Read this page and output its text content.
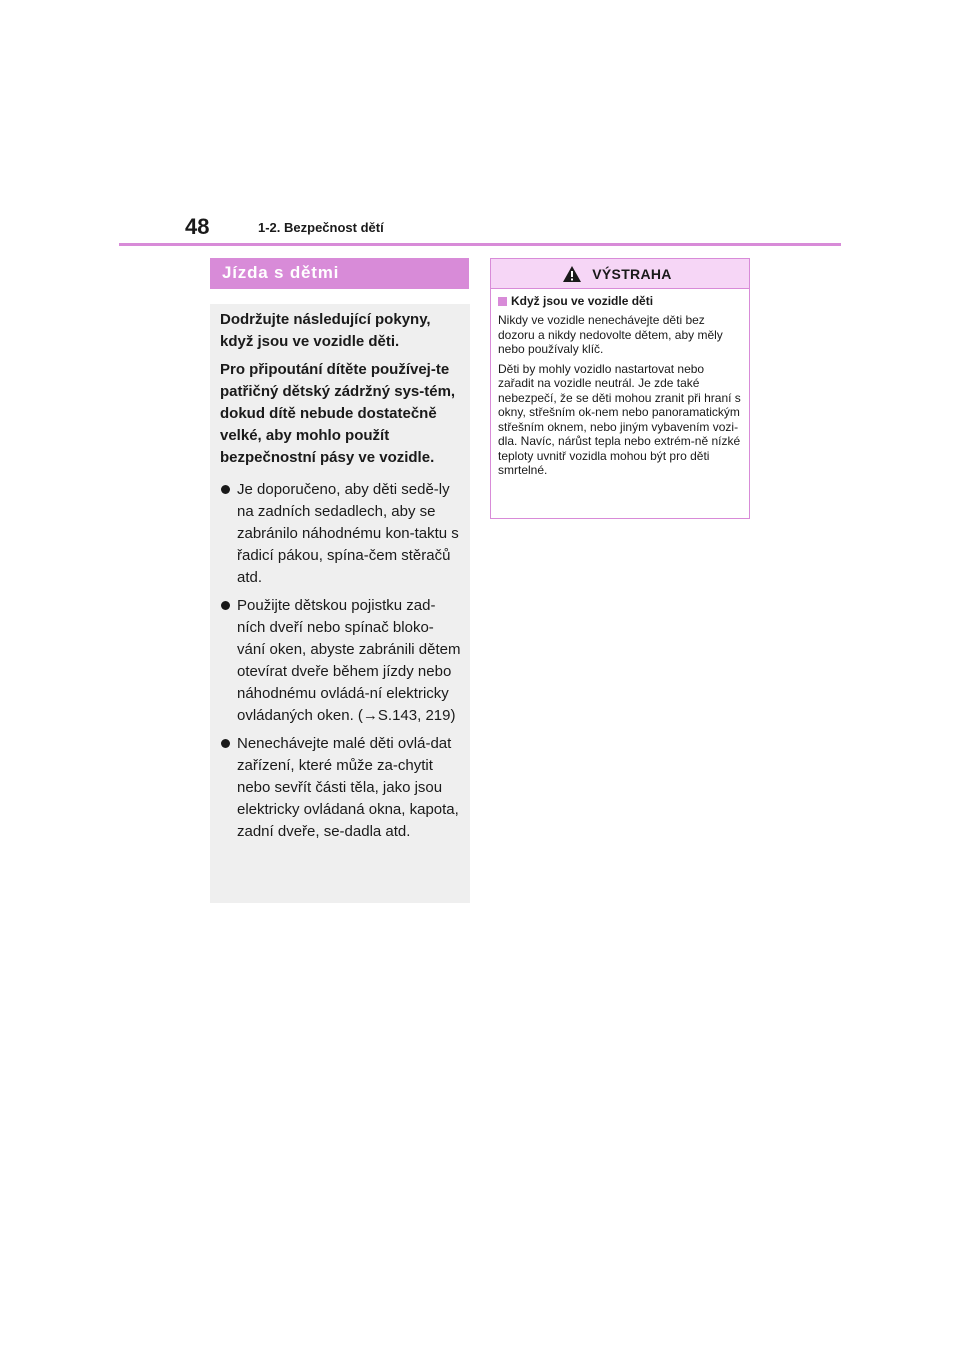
48	1-2. Bezpečnost dětí
Jízda s dětmi

Dodržujte následující pokyny, když jsou ve vozidle děti.

Pro připoutání dítěte používej-te patřičný dětský zádržný sys-tém, dokud dítě nebude dostatečně velké, aby mohlo použít bezpečnostní pásy ve vozidle.

Je doporučeno, aby děti sedě-ly na zadních sedadlech, aby se zabránilo náhodnému kon-taktu s řadicí pákou, spína-čem stěračů atd.
Použijte dětskou pojistku zad-ních dveří nebo spínač bloko-vání oken, abyste zabránili dětem otevírat dveře během jízdy nebo náhodnému ovládá-ní elektricky ovládaných oken. (→S.143, 219)
Nenechávejte malé děti ovlá-dat zařízení, které může za-chytit nebo sevřít části těla, jako jsou elektricky ovládaná okna, kapota, zadní dveře, se-dadla atd.
VÝSTRAHA
Když jsou ve vozidle děti

Nikdy ve vozidle nenechávejte děti bez dozoru a nikdy nedovolte dětem, aby měly nebo používaly klíč.

Děti by mohly vozidlo nastartovat nebo zařadit na vozidle neutrál. Je zde také nebezpečí, že se děti mohou zranit při hraní s okny, střešním ok-nem nebo panoramatickým střešním oknem, nebo jiným vybavením vozi-dla. Navíc, nárůst tepla nebo extrém-ně nízké teploty uvnitř vozidla mohou být pro děti smrtelné.
